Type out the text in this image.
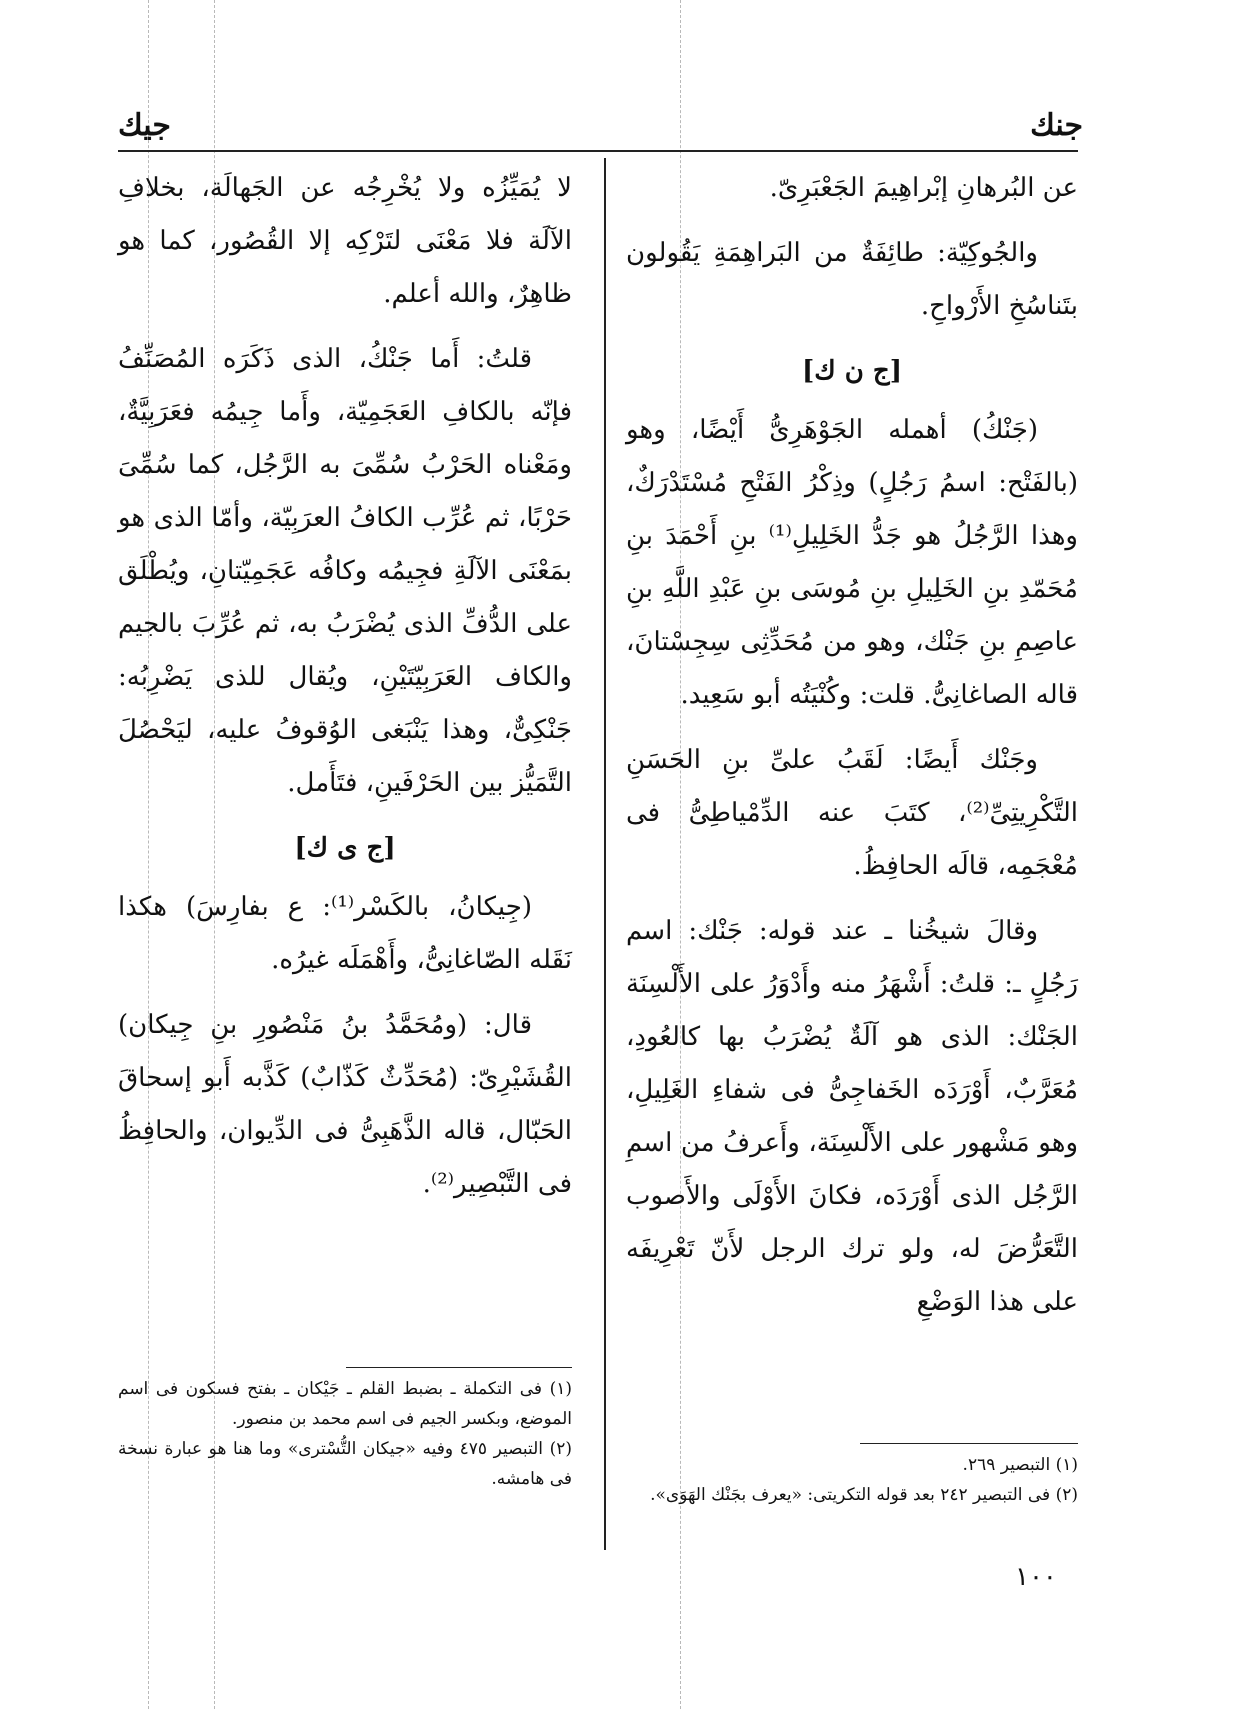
جنك
جيك

عن البُرهانِ إبْراهِيمَ الجَعْبَرِىّ.

والجُوكِيّة: طائِفَةٌ من البَراهِمَةِ يَقُولون بتَناسُخِ الأَرْواحِ.

[ج ن ك]

(جَنْكُ) أهمله الجَوْهَرِىُّ أَيْضًا، وهو (بالفَتْح: اسمُ رَجُلٍ) وذِكْرُ الفَتْحِ مُسْتَدْرَكٌ، وهذا الرَّجُلُ هو جَدُّ الخَلِيلِ⁽¹⁾ بنِ أَحْمَدَ بنِ مُحَمّدِ بنِ الخَلِيلِ بنِ مُوسَى بنِ عَبْدِ اللَّهِ بنِ عاصِمِ بنِ جَنْك، وهو من مُحَدِّثِى سِجِسْتانَ، قاله الصاغانِىُّ. قلت: وكُنْيَتُه أبو سَعِيد.

وجَنْك أَيضًا: لَقَبُ علىِّ بنِ الحَسَنِ التَّكْرِيتِىِّ⁽²⁾، كتَبَ عنه الدِّمْياطِىُّ فى مُعْجَمِه، قالَه الحافِظُ.

وقالَ شيخُنا ـ عند قوله: جَنْك: اسم رَجُلٍ ـ: قلتُ: أَشْهَرُ منه وأَدْوَرُ على الأَلْسِنَة الجَنْك: الذى هو آلَةٌ يُضْرَبُ بها كالعُودِ، مُعَرَّبٌ، أَوْرَدَه الخَفاجِىُّ فى شفاءِ الغَلِيلِ، وهو مَشْهور على الأَلْسِنَة، وأَعرفُ من اسمِ الرَّجُل الذى أَوْرَدَه، فكانَ الأَوْلَى والأَصوب التَّعَرُّضَ له، ولو ترك الرجل لأَنّ تَعْرِيفَه على هذا الوَضْعِ

لا يُمَيِّزُه ولا يُخْرِجُه عن الجَهالَة، بخلافِ الآلَة فلا مَعْنَى لتَرْكِه إلا القُصُور، كما هو ظاهِرٌ، والله أعلم.

قلتُ: أَما جَنْكُ، الذى ذَكَرَه المُصَنِّفُ فإنّه بالكافِ العَجَمِيّة، وأَما جِيمُه فعَرَبِيَّةٌ، ومَعْناه الحَرْبُ سُمِّىَ به الرَّجُل، كما سُمِّىَ حَرْبًا، ثم عُرِّب الكافُ العرَبِيّة، وأمّا الذى هو بمَعْنَى الآلَةِ فجِيمُه وكافُه عَجَمِيّتانِ، ويُطْلَق على الدُّفِّ الذى يُضْرَبُ به، ثم عُرِّبَ بالجيم والكاف العَرَبِيّتَيْنِ، ويُقال للذى يَضْرِبُه: جَنْكِىٌّ، وهذا يَنْبَغى الوُقوفُ عليه، ليَحْصُلَ التَّمَيُّز بين الحَرْفَينِ، فتَأَمل.

[ج ى ك]

(جِيكانُ، بالكَسْر⁽¹⁾: ع بفارِسَ) هكذا نَقَله الصّاغانِىُّ، وأَهْمَلَه غيرُه.

قال: (ومُحَمَّدُ بنُ مَنْصُورِ بنِ جِيكان) القُشَيْرِىّ: (مُحَدِّثٌ كَذّابٌ) كَذَّبه أَبو إسحاقَ الحَبّال، قاله الذَّهَبِىُّ فى الدِّيوان، والحافِظُ فى التَّبْصِير⁽²⁾.

(١) التبصير ٢٦٩.

(٢) فى التبصير ٢٤٢ بعد قوله التكريتى: «يعرف بجَنْك الهَوَى».

(١) فى التكملة ـ بضبط القلم ـ جَيْكان ـ بفتح فسكون فى اسم الموضع، وبكسر الجيم فى اسم محمد بن منصور.

(٢) التبصير ٤٧٥ وفيه «جيكان التُّسْترى» وما هنا هو عبارة نسخة فى هامشه.

١٠٠
